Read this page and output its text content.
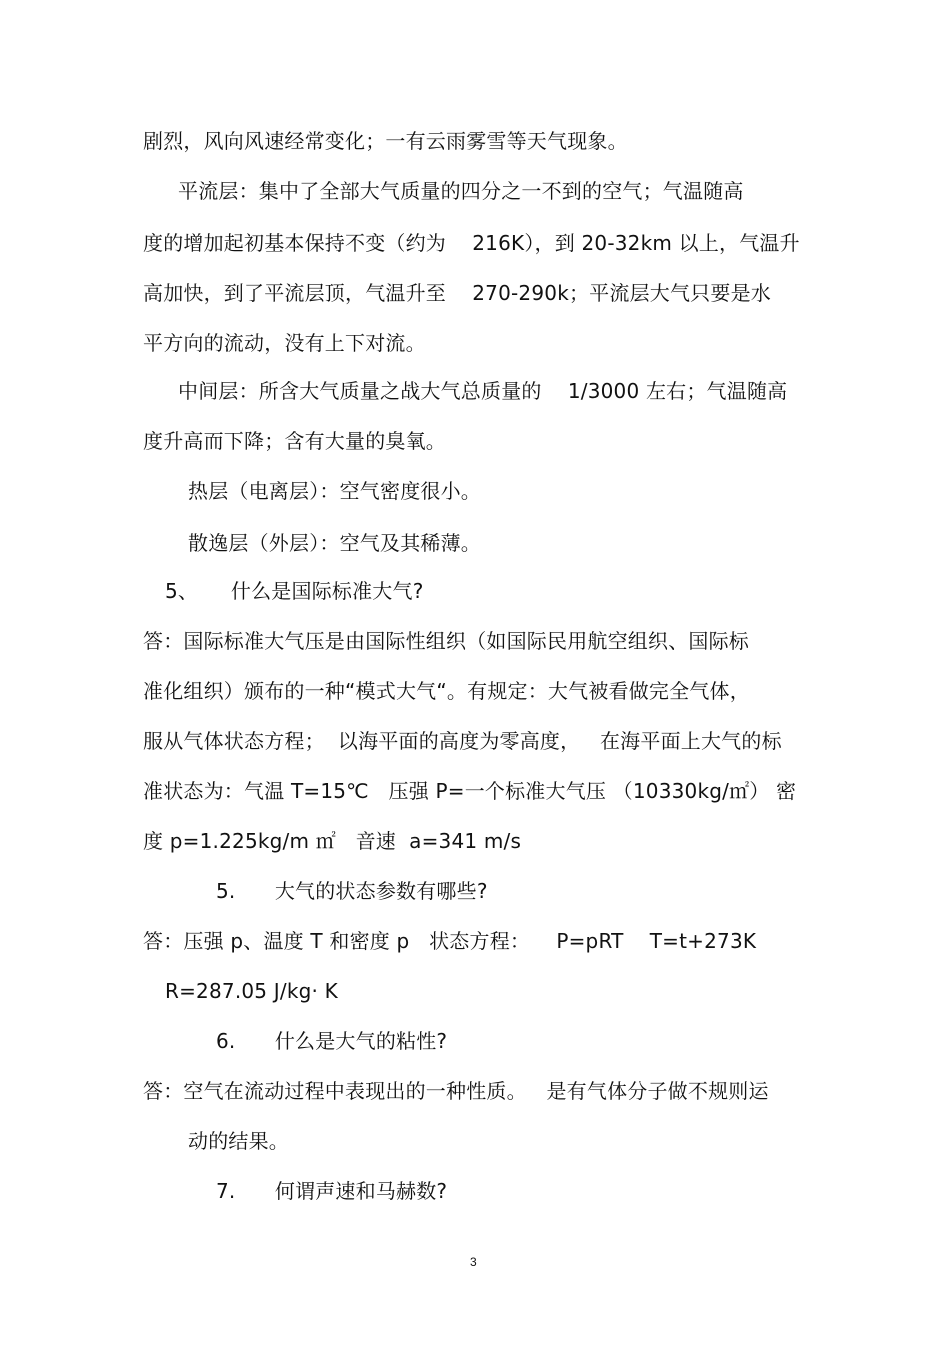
剧烈，风向风速经常变化；一有云雨雾雪等天气现象。
平流层：集中了全部大气质量的四分之一不到的空气；气温随高
度的增加起初基本保持不变（约为    216K），到 20-32km 以上，气温升
高加快，到了平流层顶，气温升至    270-290k；平流层大气只要是水
平方向的流动，没有上下对流。
中间层：所含大气质量之战大气总质量的    1/3000 左右；气温随高
度升高而下降；含有大量的臭氧。
热层（电离层）：空气密度很小。
散逸层（外层）：空气及其稀薄。
5、     什么是国际标准大气?
答：国际标准大气压是由国际性组织（如国际民用航空组织、国际标
准化组织）颁布的一种“模式大气“。有规定：大气被看做完全气体，
服从气体状态方程；  以海平面的高度为零高度，   在海平面上大气的标
准状态为：气温 T=15℃   压强 P=一个标准大气压 （10330kg/㎡） 密
度 p=1.225kg/m ㎡   音速  a=341 m/s
5.      大气的状态参数有哪些?
答：压强 p、温度 T 和密度 p   状态方程：    P=pRT    T=t+273K
R=287.05 J/kg· K
6.      什么是大气的粘性?
答：空气在流动过程中表现出的一种性质。   是有气体分子做不规则运
动的结果。
7.      何谓声速和马赫数?
3
